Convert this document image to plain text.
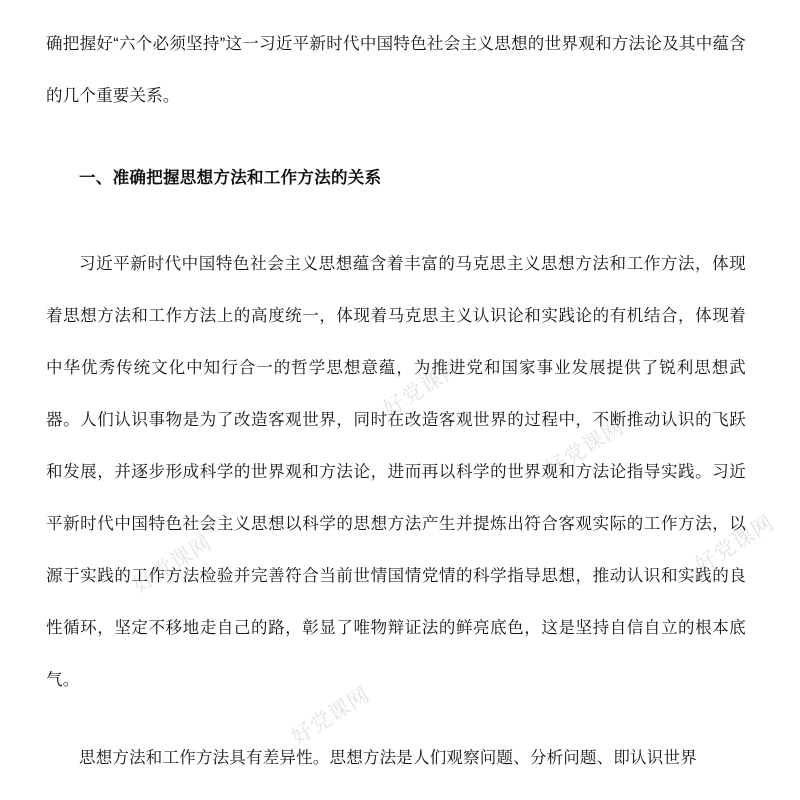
好党课网
好党课网
好党课网	好党课网
好党课网

确把握好“六个必须坚持”这一习近平新时代中国特色社会主义思想的世界观和方法论及其中蕴含的几个重要关系。

一、准确把握思想方法和工作方法的关系

习近平新时代中国特色社会主义思想蕴含着丰富的马克思主义思想方法和工作方法，体现着思想方法和工作方法上的高度统一，体现着马克思主义认识论和实践论的有机结合，体现着中华优秀传统文化中知行合一的哲学思想意蕴，为推进党和国家事业发展提供了锐利思想武器。人们认识事物是为了改造客观世界，同时在改造客观世界的过程中，不断推动认识的飞跃和发展，并逐步形成科学的世界观和方法论，进而再以科学的世界观和方法论指导实践。习近平新时代中国特色社会主义思想以科学的思想方法产生并提炼出符合客观实际的工作方法，以源于实践的工作方法检验并完善符合当前世情国情党情的科学指导思想，推动认识和实践的良性循环，坚定不移地走自己的路，彰显了唯物辩证法的鲜亮底色，这是坚持自信自立的根本底气。

思想方法和工作方法具有差异性。思想方法是人们观察问题、分析问题、即认识世界
